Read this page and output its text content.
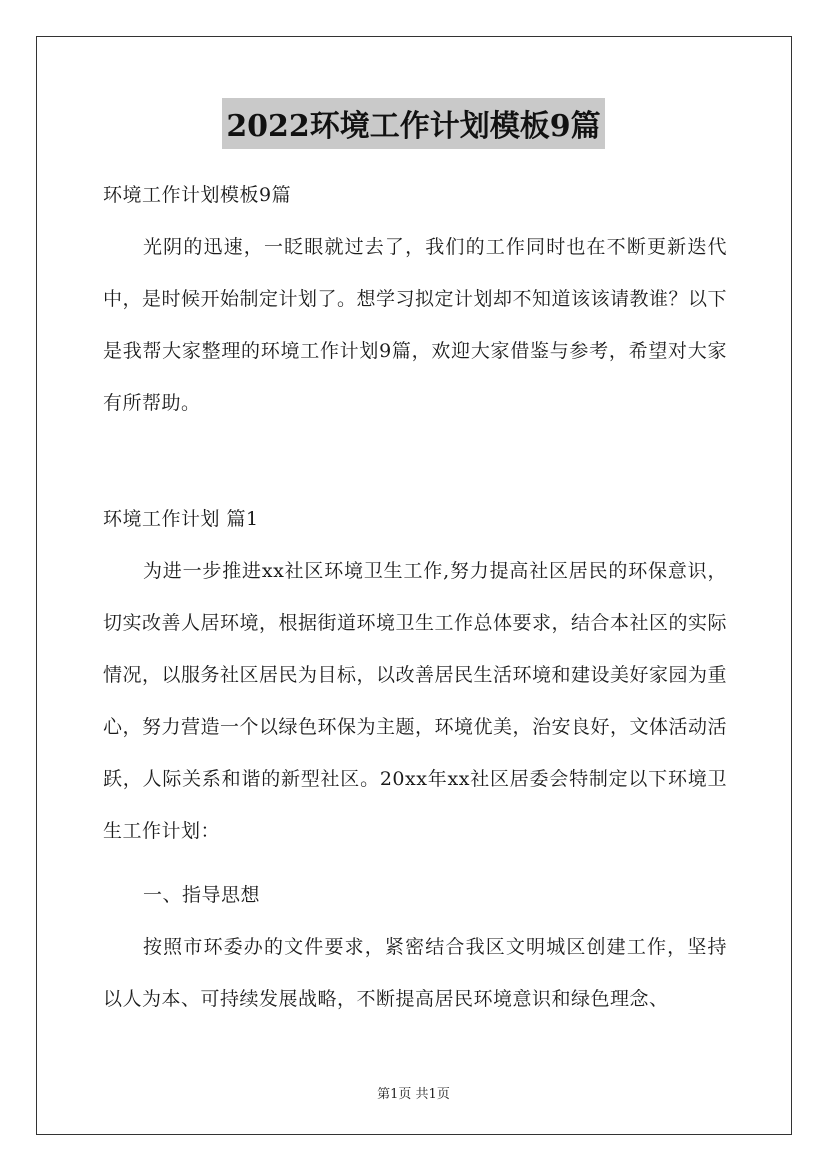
2022环境工作计划模板9篇

环境工作计划模板9篇

光阴的迅速，一眨眼就过去了，我们的工作同时也在不断更新迭代中，是时候开始制定计划了。想学习拟定计划却不知道该该请教谁？以下是我帮大家整理的环境工作计划9篇，欢迎大家借鉴与参考，希望对大家有所帮助。

环境工作计划 篇1

为进一步推进xx社区环境卫生工作,努力提高社区居民的环保意识，切实改善人居环境，根据街道环境卫生工作总体要求，结合本社区的实际情况，以服务社区居民为目标，以改善居民生活环境和建设美好家园为重心，努力营造一个以绿色环保为主题，环境优美，治安良好，文体活动活跃，人际关系和谐的新型社区。20xx年xx社区居委会特制定以下环境卫生工作计划：

一、指导思想

按照市环委办的文件要求，紧密结合我区文明城区创建工作，坚持以人为本、可持续发展战略，不断提高居民环境意识和绿色理念、

第1页 共1页
